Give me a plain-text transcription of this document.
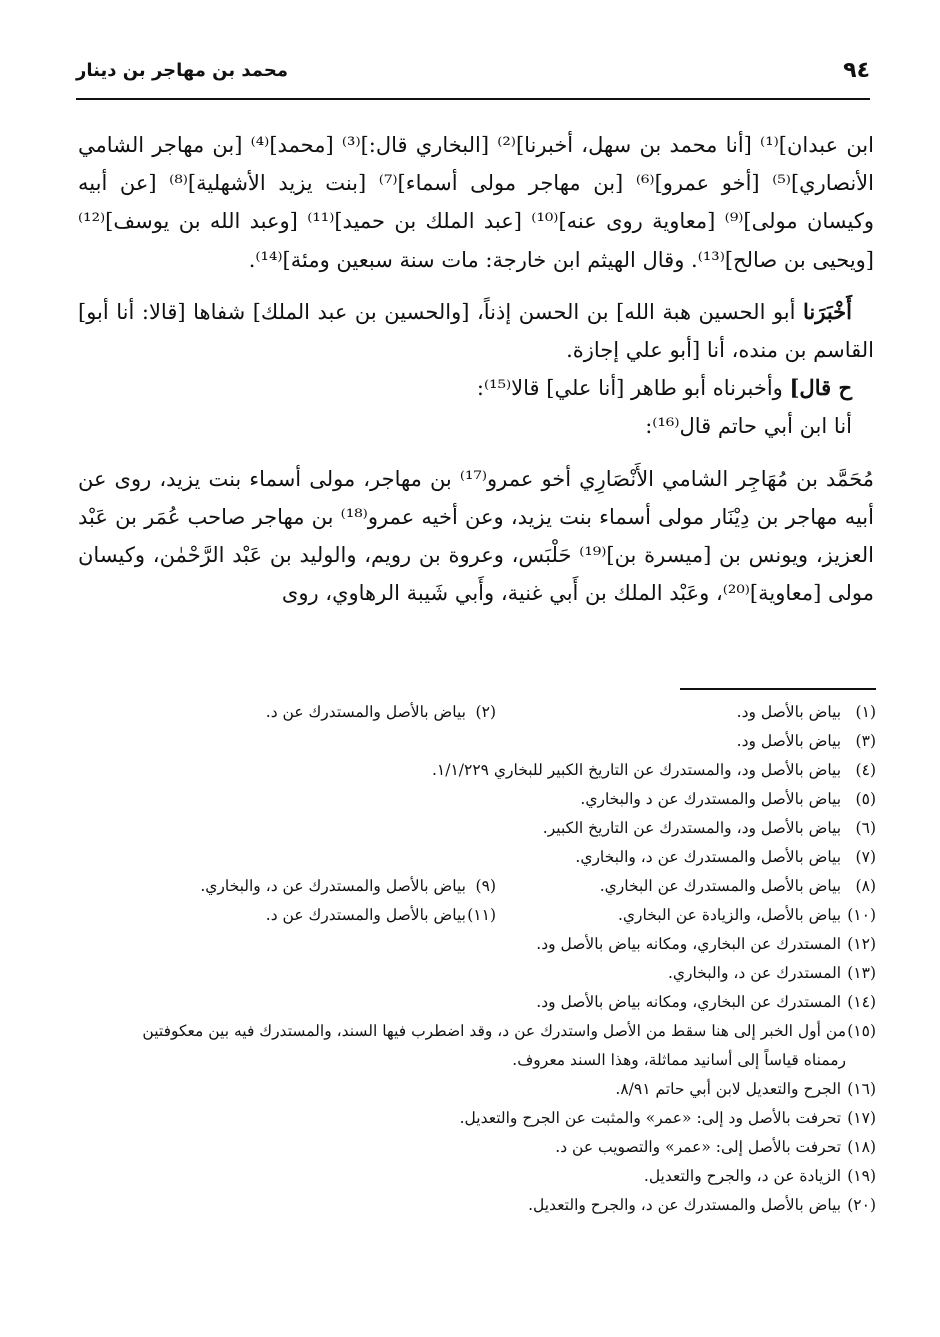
٩٤
محمد بن مهاجر بن دينار

ابن عبدان]⁽¹⁾ [أنا محمد بن سهل، أخبرنا]⁽²⁾ [البخاري قال:]⁽³⁾ [محمد]⁽⁴⁾ [بن مهاجر الشامي الأنصاري]⁽⁵⁾ [أخو عمرو]⁽⁶⁾ [بن مهاجر مولى أسماء]⁽⁷⁾ [بنت يزيد الأشهلية]⁽⁸⁾ [عن أبيه وكيسان مولى]⁽⁹⁾ [معاوية روى عنه]⁽¹⁰⁾ [عبد الملك بن حميد]⁽¹¹⁾ [وعبد الله بن يوسف]⁽¹²⁾ [ويحيى بن صالح]⁽¹³⁾. وقال الهيثم ابن خارجة: مات سنة سبعين ومئة]⁽¹⁴⁾.

أَخْبَرَنا أبو الحسين هبة الله] بن الحسن إذناً، [والحسين بن عبد الملك] شفاها [قالا: أنا أبو] القاسم بن منده، أنا [أبو علي إجازة.

ح قال] وأخبرناه أبو طاهر [أنا علي] قالا⁽¹⁵⁾:

أنا ابن أبي حاتم قال⁽¹⁶⁾:

مُحَمَّد بن مُهَاجِر الشامي الأَنْصَارِي أخو عمرو⁽¹⁷⁾ بن مهاجر، مولى أسماء بنت يزيد، روى عن أبيه مهاجر بن دِيْنَار مولى أسماء بنت يزيد، وعن أخيه عمرو⁽¹⁸⁾ بن مهاجر صاحب عُمَر بن عَبْد العزيز، ويونس بن [ميسرة بن]⁽¹⁹⁾ حَلْبَس، وعروة بن رويم، والوليد بن عَبْد الرَّحْمٰن، وكيسان مولى [معاوية]⁽²⁰⁾، وعَبْد الملك بن أَبي غنية، وأَبي شَيبة الرهاوي، روى

(١) بياض بالأصل ود.
(٢)بياض بالأصل والمستدرك عن د.
(٣) بياض بالأصل ود.
(٤) بياض بالأصل ود، والمستدرك عن التاريخ الكبير للبخاري ١/١/٢٢٩.
(٥) بياض بالأصل والمستدرك عن د والبخاري.
(٦) بياض بالأصل ود، والمستدرك عن التاريخ الكبير.
(٧) بياض بالأصل والمستدرك عن د، والبخاري.
(٨) بياض بالأصل والمستدرك عن البخاري.
(٩)بياض بالأصل والمستدرك عن د، والبخاري.
(١٠) بياض بالأصل، والزيادة عن البخاري.
(١١)بياض بالأصل والمستدرك عن د.
(١٢) المستدرك عن البخاري، ومكانه بياض بالأصل ود.
(١٣) المستدرك عن د، والبخاري.
(١٤) المستدرك عن البخاري، ومكانه بياض بالأصل ود.
(١٥)من أول الخبر إلى هنا سقط من الأصل واستدرك عن د، وقد اضطرب فيها السند، والمستدرك فيه بين معكوفتين
رممناه قياساً إلى أسانيد مماثلة، وهذا السند معروف.
(١٦) الجرح والتعديل لابن أبي حاتم ٨/٩١.
(١٧) تحرفت بالأصل ود إلى: «عمر» والمثبت عن الجرح والتعديل.
(١٨) تحرفت بالأصل إلى: «عمر» والتصويب عن د.
(١٩) الزيادة عن د، والجرح والتعديل.
(٢٠) بياض بالأصل والمستدرك عن د، والجرح والتعديل.
